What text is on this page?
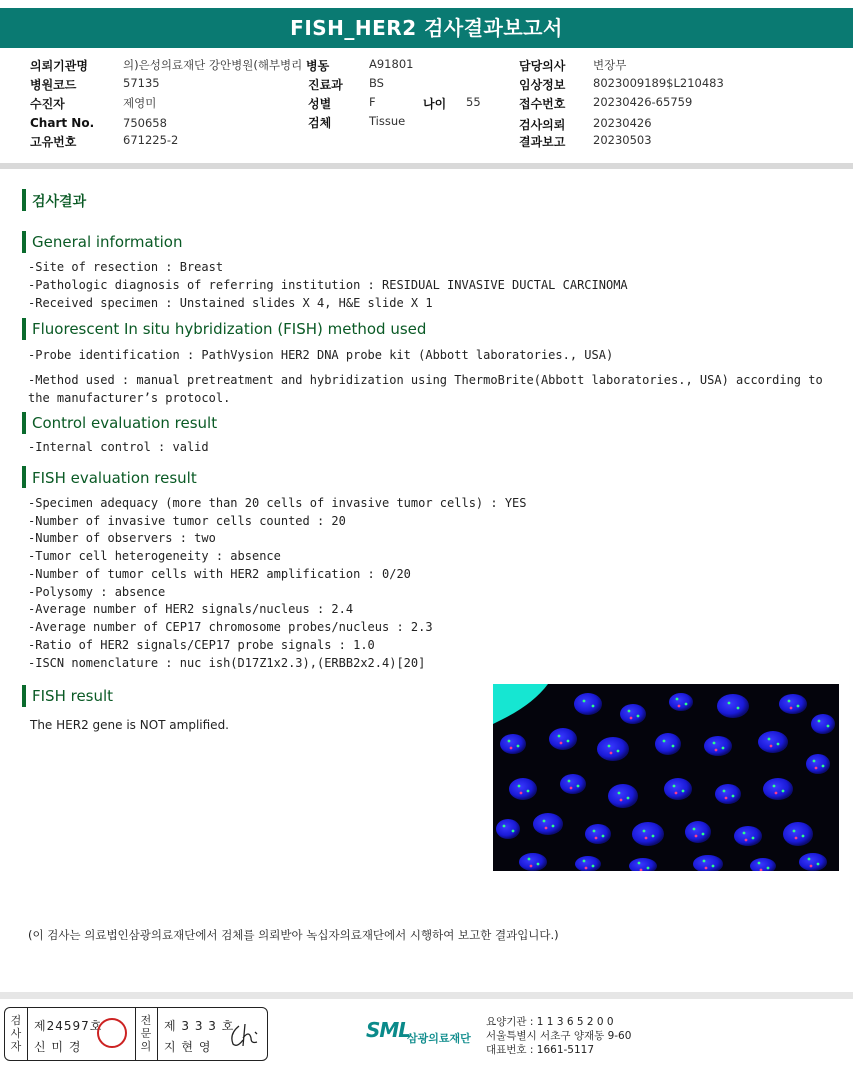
FISH_HER2 검사결과보고서
의뢰기관명	의)은성의료재단 강안병원(해부병리
병원코드	57135
수진자	제영미
Chart No.	750658
고유번호	671225-2
병동	A91801
진료과 BS
성별	F	나이 55
검체	Tissue
담당의사 변장무
임상정보 8023009189$L210483
접수번호 20230426-65759
검사의뢰 20230426
결과보고 20230503
검사결과
General information
-Site of resection : Breast
-Pathologic diagnosis of referring institution : RESIDUAL INVASIVE DUCTAL CARCINOMA
-Received specimen : Unstained slides X 4, H&E slide X 1
Fluorescent In situ hybridization (FISH) method used
-Probe identification : PathVysion HER2 DNA probe kit (Abbott laboratories., USA)
-Method used : manual pretreatment and hybridization using ThermoBrite(Abbott laboratories., USA) according to the manufacturer’s protocol.
Control evaluation result
-Internal control : valid
FISH evaluation result
-Specimen adequacy (more than 20 cells of invasive tumor cells) : YES
-Number of invasive tumor cells counted : 20
-Number of observers : two
-Tumor cell heterogeneity : absence
-Number of tumor cells with HER2 amplification : 0/20
-Polysomy : absence
-Average number of HER2 signals/nucleus : 2.4
-Average number of CEP17 chromosome probes/nucleus : 2.3
-Ratio of HER2 signals/CEP17 probe signals : 1.0
-ISCN nomenclature : nuc ish(D17Z1x2.3),(ERBB2x2.4)[20]
FISH result
The HER2 gene is NOT amplified.
(이 검사는 의료법인삼광의료재단에서 검체를 의뢰받아 녹십자의료재단에서 시행하여 보고한 결과입니다.)
검사자
제24597호
신 미 경
전문의
제 3 3 3 호
지 현 영
SML
삼광의료재단
요양기관 : 1 1 3 6 5 2 0 0
서울특별시 서초구 양재동 9-60
대표번호 : 1661-5117
